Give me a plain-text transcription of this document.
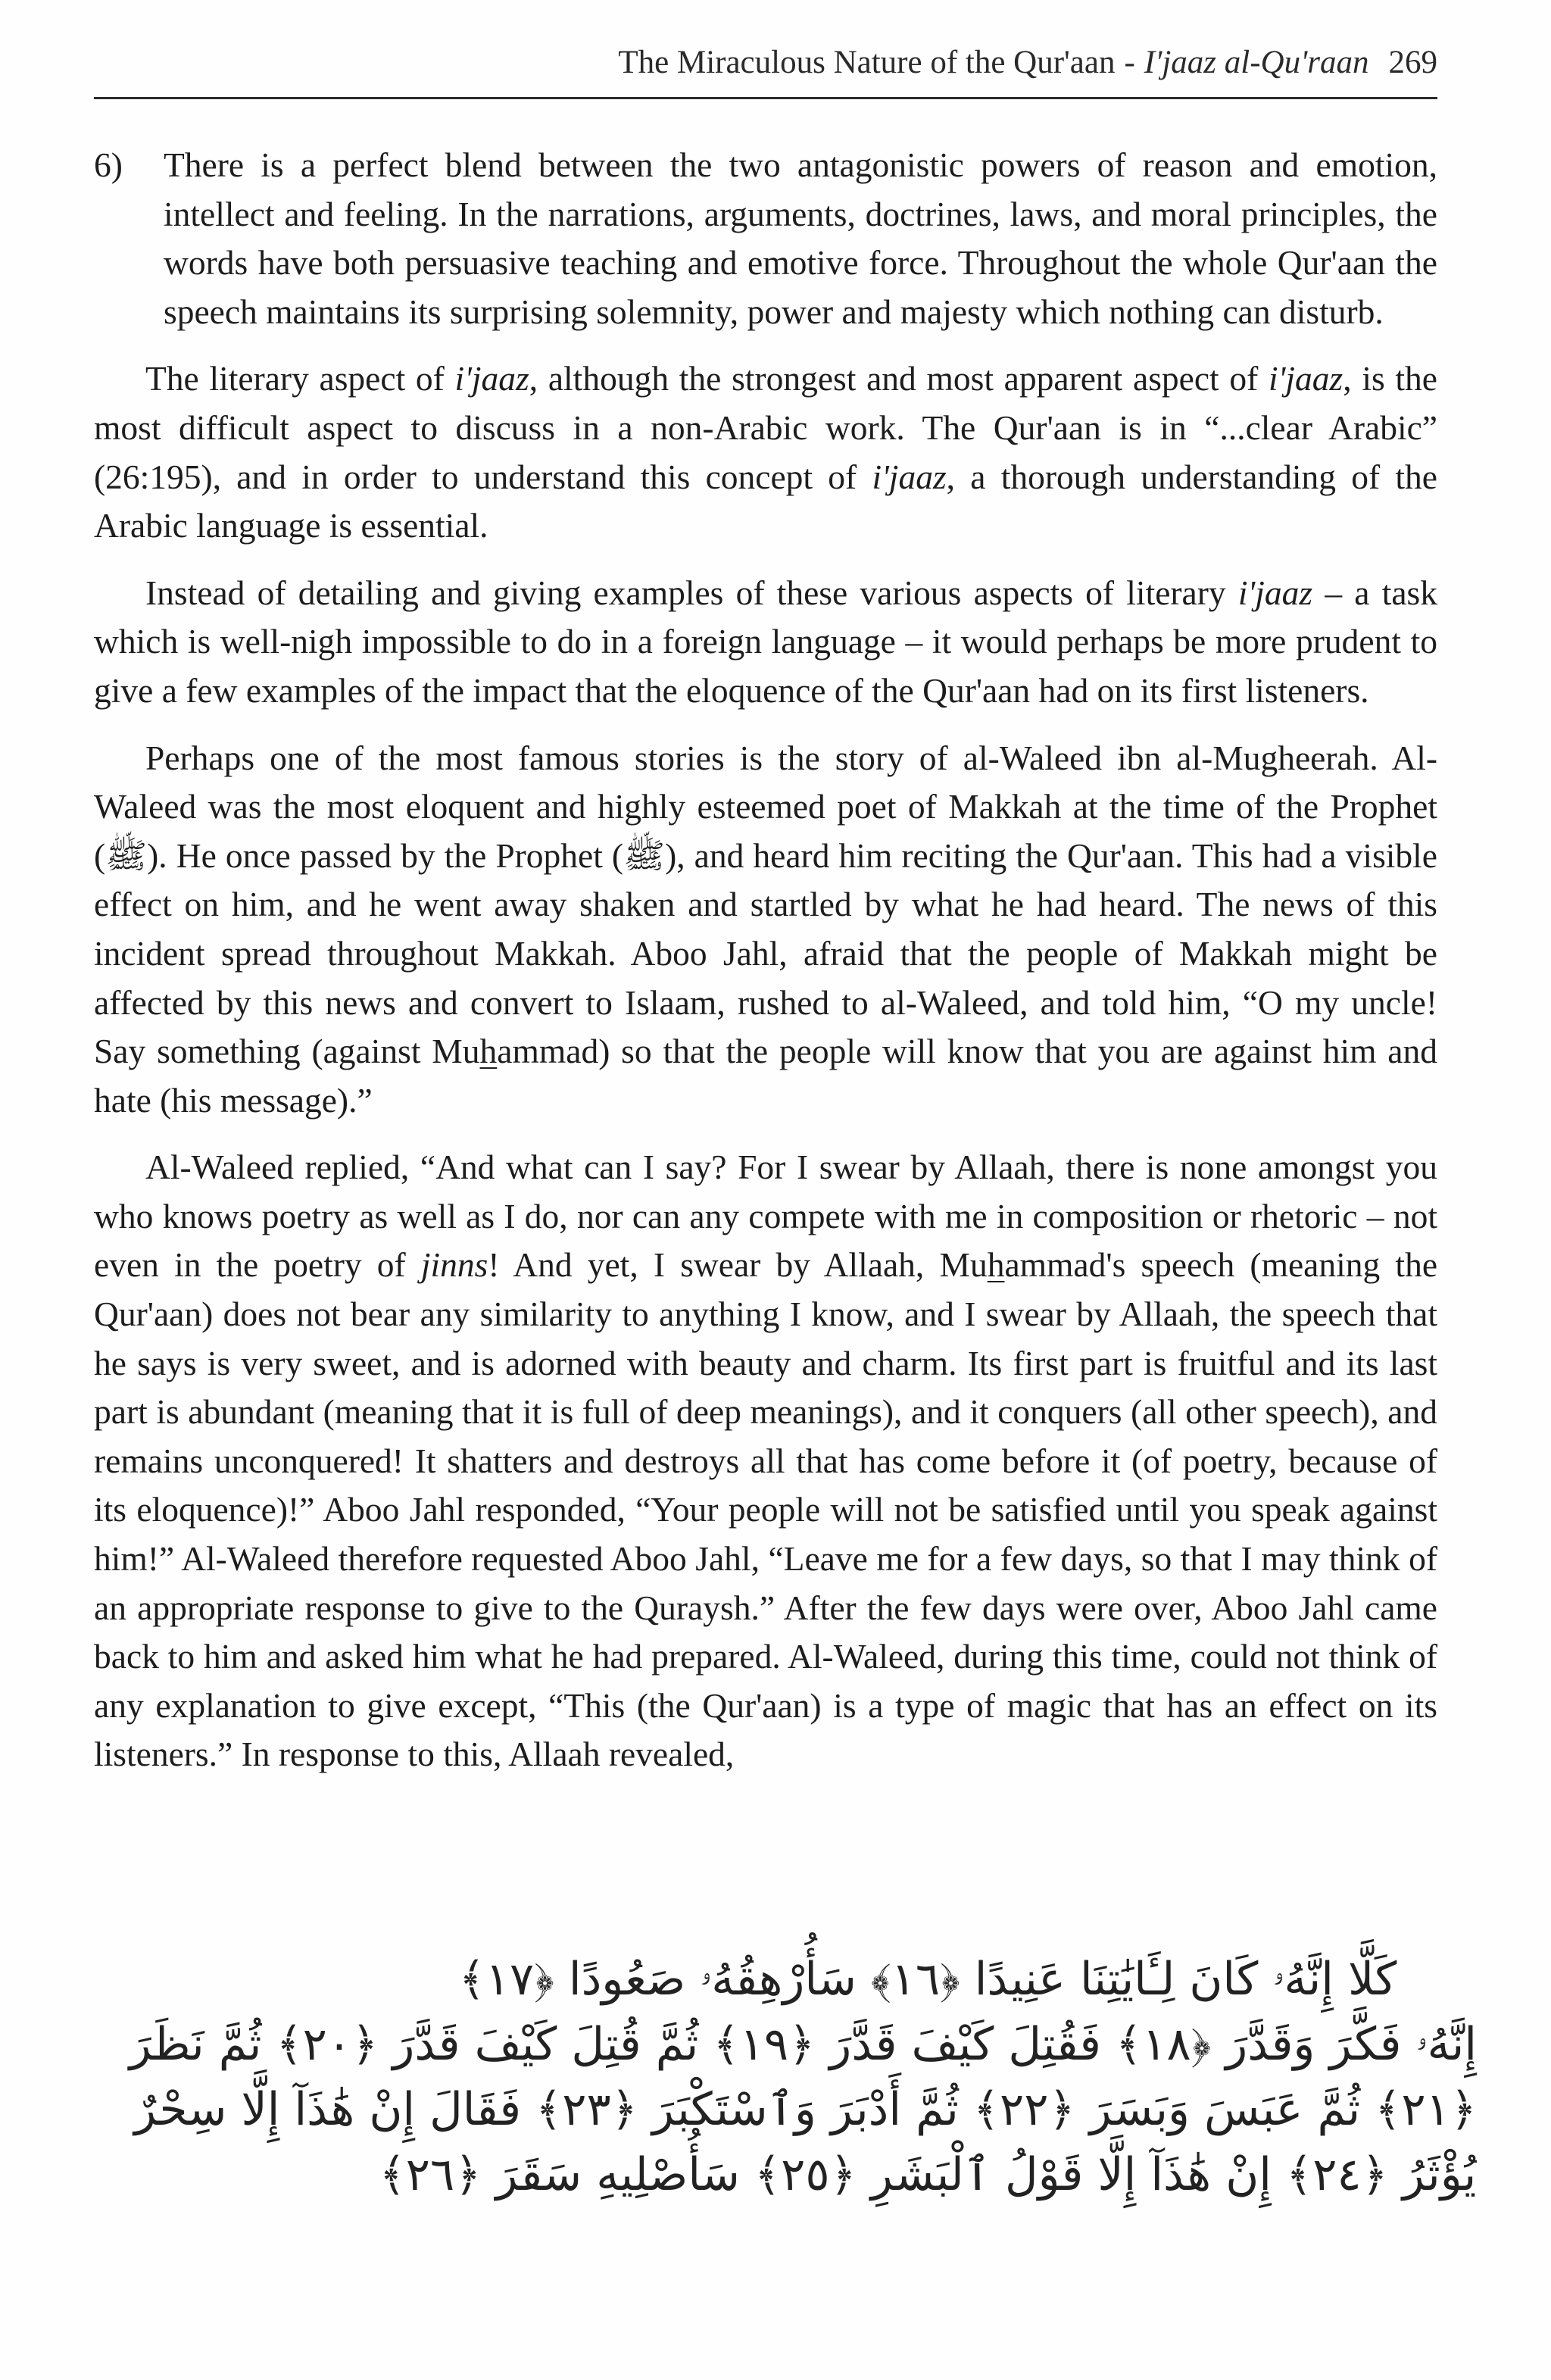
The Miraculous Nature of the Qur'aan - I'jaaz al-Qu'raan 269
6)	There is a perfect blend between the two antagonistic powers of reason and emotion, intellect and feeling. In the narrations, arguments, doctrines, laws, and moral principles, the words have both persuasive teaching and emotive force. Throughout the whole Qur'aan the speech maintains its surprising solemnity, power and majesty which nothing can disturb.

The literary aspect of i'jaaz, although the strongest and most apparent aspect of i'jaaz, is the most difficult aspect to discuss in a non-Arabic work. The Qur'aan is in “...clear Arabic” (26:195), and in order to understand this concept of i'jaaz, a thorough understanding of the Arabic language is essential.

Instead of detailing and giving examples of these various aspects of literary i'jaaz – a task which is well-nigh impossible to do in a foreign language – it would perhaps be more prudent to give a few examples of the impact that the eloquence of the Qur'aan had on its first listeners.

Perhaps one of the most famous stories is the story of al-Waleed ibn al-Mugheerah. Al-Waleed was the most eloquent and highly esteemed poet of Makkah at the time of the Prophet (ﷺ). He once passed by the Prophet (ﷺ), and heard him reciting the Qur'aan. This had a visible effect on him, and he went away shaken and startled by what he had heard. The news of this incident spread throughout Makkah. Aboo Jahl, afraid that the people of Makkah might be affected by this news and convert to Islaam, rushed to al-Waleed, and told him, “O my uncle! Say something (against Muhammad) so that the people will know that you are against him and hate (his message).”

Al-Waleed replied, “And what can I say? For I swear by Allaah, there is none amongst you who knows poetry as well as I do, nor can any compete with me in composition or rhetoric – not even in the poetry of jinns! And yet, I swear by Allaah, Muhammad's speech (meaning the Qur'aan) does not bear any similarity to anything I know, and I swear by Allaah, the speech that he says is very sweet, and is adorned with beauty and charm. Its first part is fruitful and its last part is abundant (meaning that it is full of deep meanings), and it conquers (all other speech), and remains unconquered! It shatters and destroys all that has come before it (of poetry, because of its eloquence)!” Aboo Jahl responded, “Your people will not be satisfied until you speak against him!” Al-Waleed therefore requested Aboo Jahl, “Leave me for a few days, so that I may think of an appropriate response to give to the Quraysh.” After the few days were over, Aboo Jahl came back to him and asked him what he had prepared. Al-Waleed, during this time, could not think of any explanation to give except, “This (the Qur'aan) is a type of magic that has an effect on its listeners.” In response to this, Allaah revealed,

كَلَّا إِنَّهُۥ كَانَ لِـَٔايَٰتِنَا عَنِيدًا ﴿١٦﴾ سَأُرْهِقُهُۥ صَعُودًا ﴿١٧﴾
إِنَّهُۥ فَكَّرَ وَقَدَّرَ ﴿١٨﴾ فَقُتِلَ كَيْفَ قَدَّرَ ﴿١٩﴾ ثُمَّ قُتِلَ كَيْفَ قَدَّرَ ﴿٢٠﴾ ثُمَّ نَظَرَ
﴿٢١﴾ ثُمَّ عَبَسَ وَبَسَرَ ﴿٢٢﴾ ثُمَّ أَدْبَرَ وَٱسْتَكْبَرَ ﴿٢٣﴾ فَقَالَ إِنْ هَٰذَآ إِلَّا سِحْرٌ
يُؤْثَرُ ﴿٢٤﴾ إِنْ هَٰذَآ إِلَّا قَوْلُ ٱلْبَشَرِ ﴿٢٥﴾ سَأُصْلِيهِ سَقَرَ ﴿٢٦﴾
